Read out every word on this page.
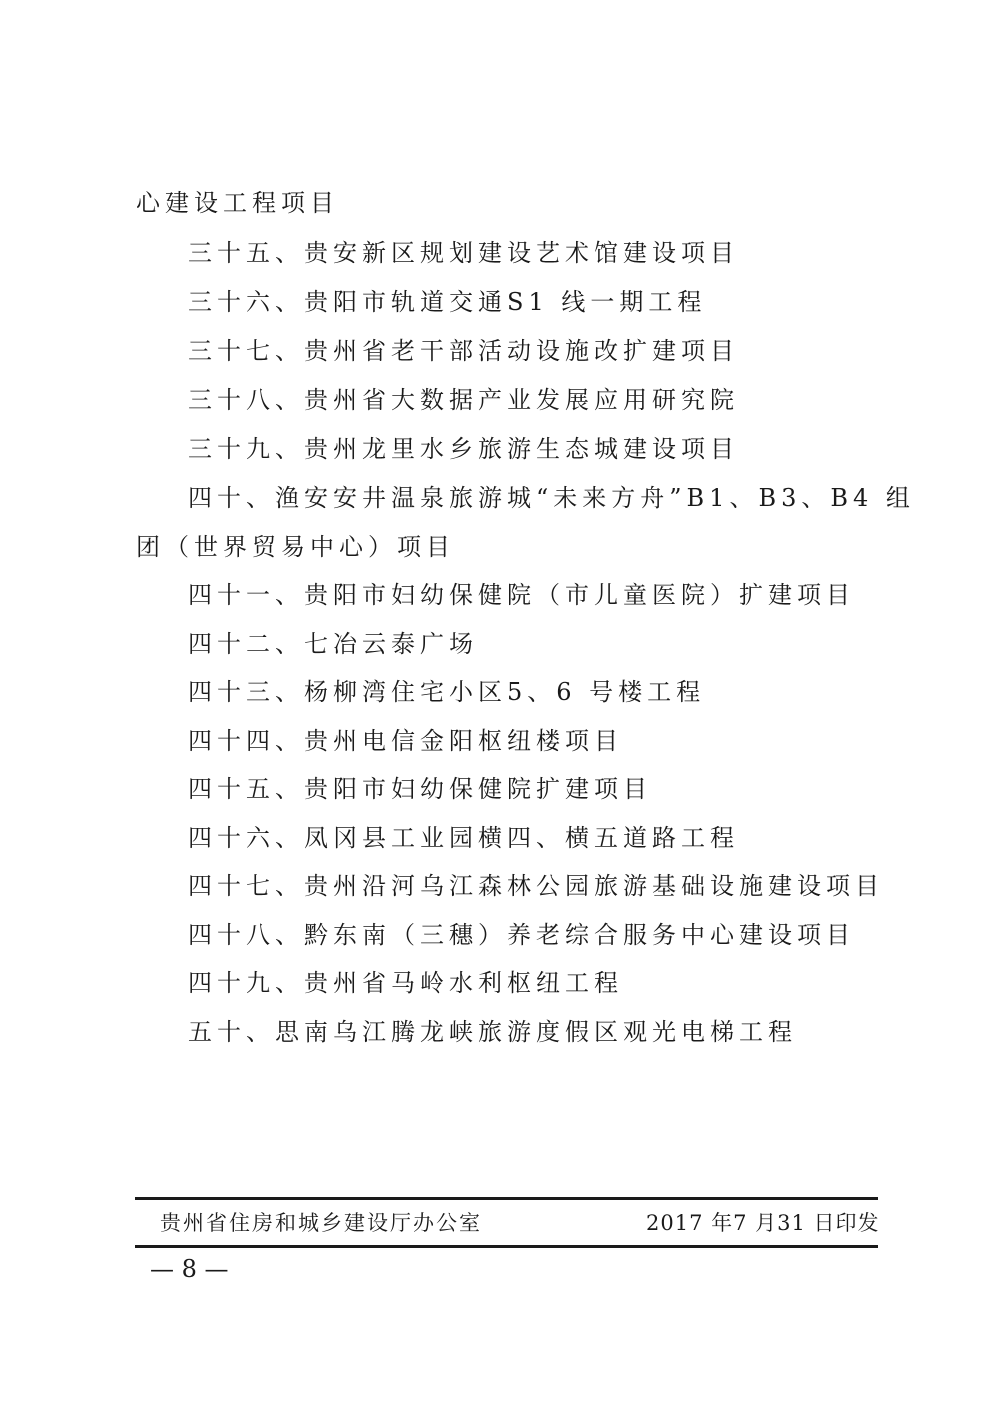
心建设工程项目
三十五、贵安新区规划建设艺术馆建设项目
三十六、贵阳市轨道交通S1 线一期工程
三十七、贵州省老干部活动设施改扩建项目
三十八、贵州省大数据产业发展应用研究院
三十九、贵州龙里水乡旅游生态城建设项目
四十、渔安安井温泉旅游城“未来方舟”B1、B3、B4 组
团（世界贸易中心）项目
四十一、贵阳市妇幼保健院（市儿童医院）扩建项目
四十二、七冶云泰广场
四十三、杨柳湾住宅小区5、6 号楼工程
四十四、贵州电信金阳枢纽楼项目
四十五、贵阳市妇幼保健院扩建项目
四十六、凤冈县工业园横四、横五道路工程
四十七、贵州沿河乌江森林公园旅游基础设施建设项目
四十八、黔东南（三穗）养老综合服务中心建设项目
四十九、贵州省马岭水利枢纽工程
五十、思南乌江腾龙峡旅游度假区观光电梯工程
贵州省住房和城乡建设厅办公室	2017 年7 月31 日印发
— 8 —
